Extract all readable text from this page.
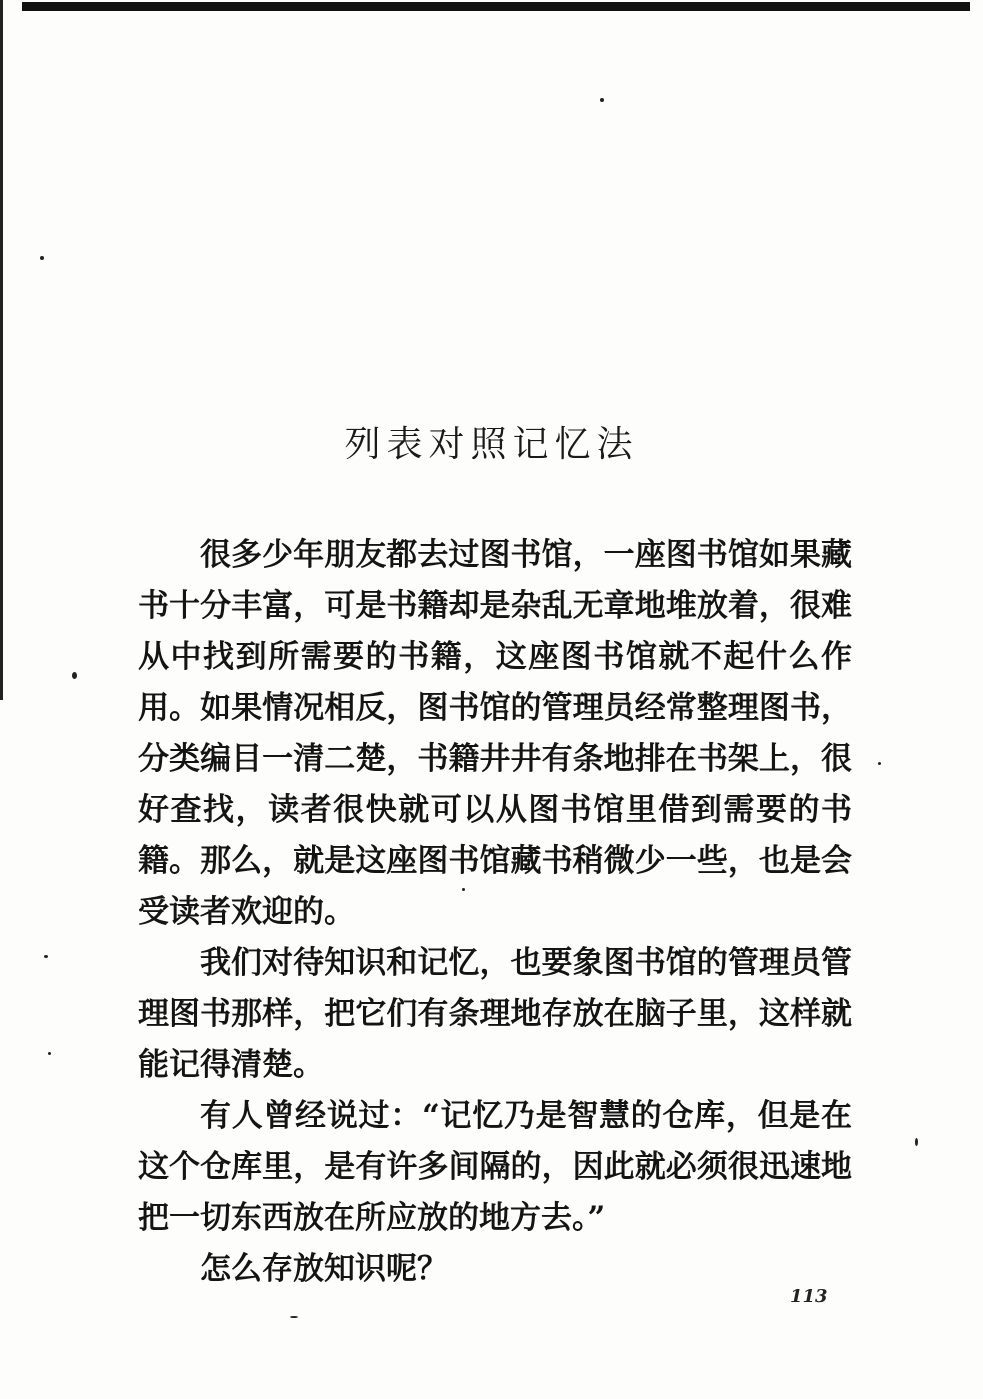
列表对照记忆法

很多少年朋友都去过图书馆，一座图书馆如果藏书十分丰富，可是书籍却是杂乱无章地堆放着，很难从中找到所需要的书籍，这座图书馆就不起什么作用。如果情况相反，图书馆的管理员经常整理图书，分类编目一清二楚，书籍井井有条地排在书架上，很好查找，读者很快就可以从图书馆里借到需要的书籍。那么，就是这座图书馆藏书稍微少一些，也是会受读者欢迎的。

我们对待知识和记忆，也要象图书馆的管理员管理图书那样，把它们有条理地存放在脑子里，这样就能记得清楚。

有人曾经说过：“记忆乃是智慧的仓库，但是在这个仓库里，是有许多间隔的，因此就必须很迅速地把一切东西放在所应放的地方去。”

怎么存放知识呢？

113
